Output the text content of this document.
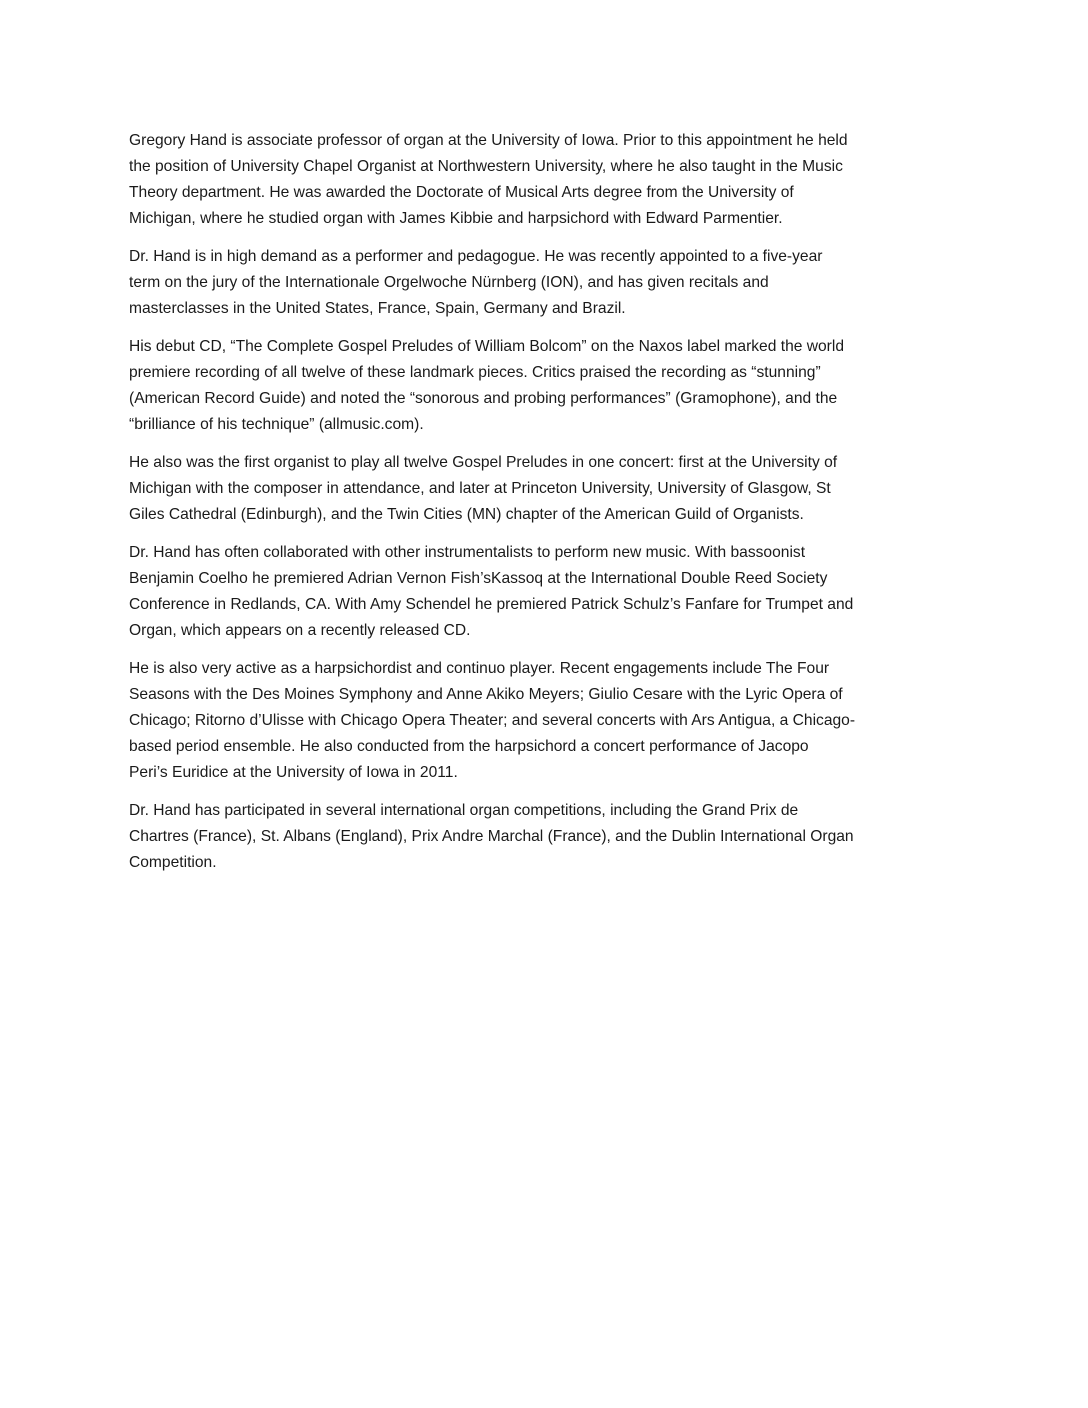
Gregory Hand is associate professor of organ at the University of Iowa. Prior to this appointment he held
the position of University Chapel Organist at Northwestern University, where he also taught in the Music
Theory department. He was awarded the Doctorate of Musical Arts degree from the University of
Michigan, where he studied organ with James Kibbie and harpsichord with Edward Parmentier.

Dr. Hand is in high demand as a performer and pedagogue. He was recently appointed to a five-year
term on the jury of the Internationale Orgelwoche Nürnberg (ION), and has given recitals and
masterclasses in the United States, France, Spain, Germany and Brazil.

His debut CD, “The Complete Gospel Preludes of William Bolcom” on the Naxos label marked the world
premiere recording of all twelve of these landmark pieces. Critics praised the recording as “stunning”
(American Record Guide) and noted the “sonorous and probing performances” (Gramophone), and the
“brilliance of his technique” (allmusic.com).

He also was the first organist to play all twelve Gospel Preludes in one concert: first at the University of
Michigan with the composer in attendance, and later at Princeton University, University of Glasgow, St
Giles Cathedral (Edinburgh), and the Twin Cities (MN) chapter of the American Guild of Organists.

Dr. Hand has often collaborated with other instrumentalists to perform new music. With bassoonist
Benjamin Coelho he premiered Adrian Vernon Fish’sKassoq at the International Double Reed Society
Conference in Redlands, CA. With Amy Schendel he premiered Patrick Schulz’s Fanfare for Trumpet and
Organ, which appears on a recently released CD.

He is also very active as a harpsichordist and continuo player. Recent engagements include The Four
Seasons with the Des Moines Symphony and Anne Akiko Meyers; Giulio Cesare with the Lyric Opera of
Chicago; Ritorno d’Ulisse with Chicago Opera Theater; and several concerts with Ars Antigua, a Chicago-
based period ensemble. He also conducted from the harpsichord a concert performance of Jacopo
Peri’s Euridice at the University of Iowa in 2011.

Dr. Hand has participated in several international organ competitions, including the Grand Prix de
Chartres (France), St. Albans (England), Prix Andre Marchal (France), and the Dublin International Organ
Competition.
